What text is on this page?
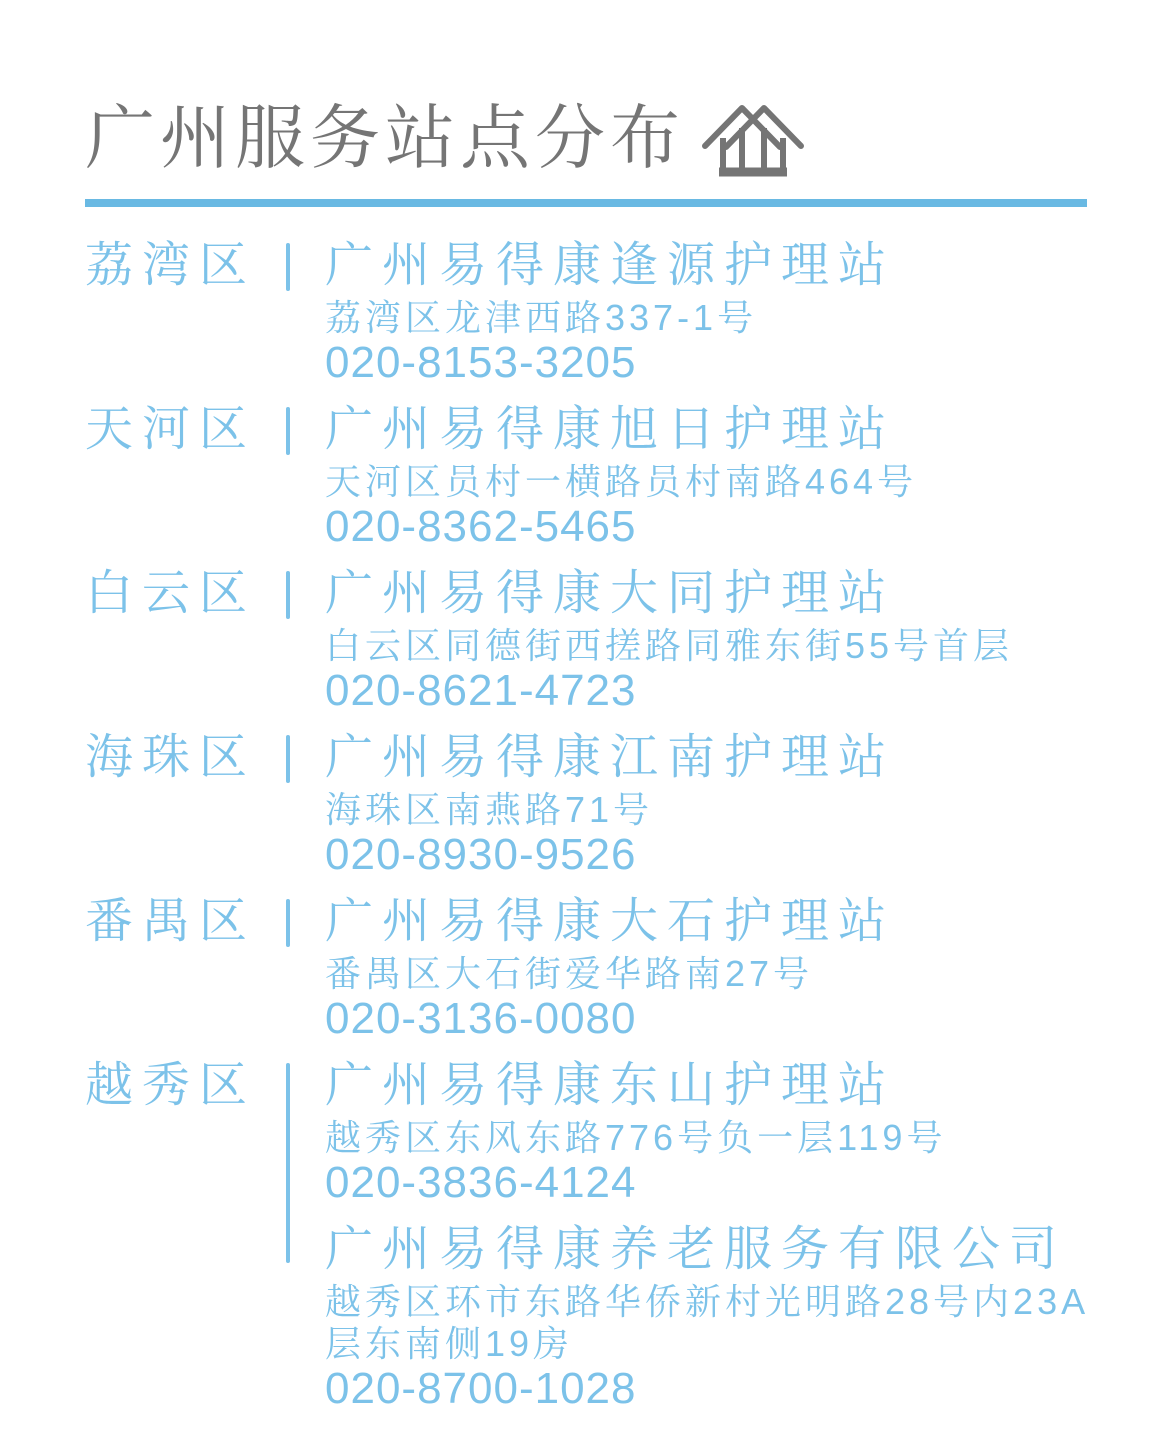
广州服务站点分布
荔湾区	广州易得康逢源护理站
荔湾区龙津西路337-1号
020-8153-3205
天河区	广州易得康旭日护理站
天河区员村一横路员村南路464号
020-8362-5465
白云区	广州易得康大同护理站
白云区同德街西搓路同雅东街55号首层
020-8621-4723
海珠区	广州易得康江南护理站
海珠区南燕路71号
020-8930-9526
番禺区	广州易得康大石护理站
番禺区大石街爱华路南27号
020-3136-0080
越秀区	广州易得康东山护理站
越秀区东风东路776号负一层119号
020-3836-4124
广州易得康养老服务有限公司
越秀区环市东路华侨新村光明路28号内23A
层东南侧19房
020-8700-1028
